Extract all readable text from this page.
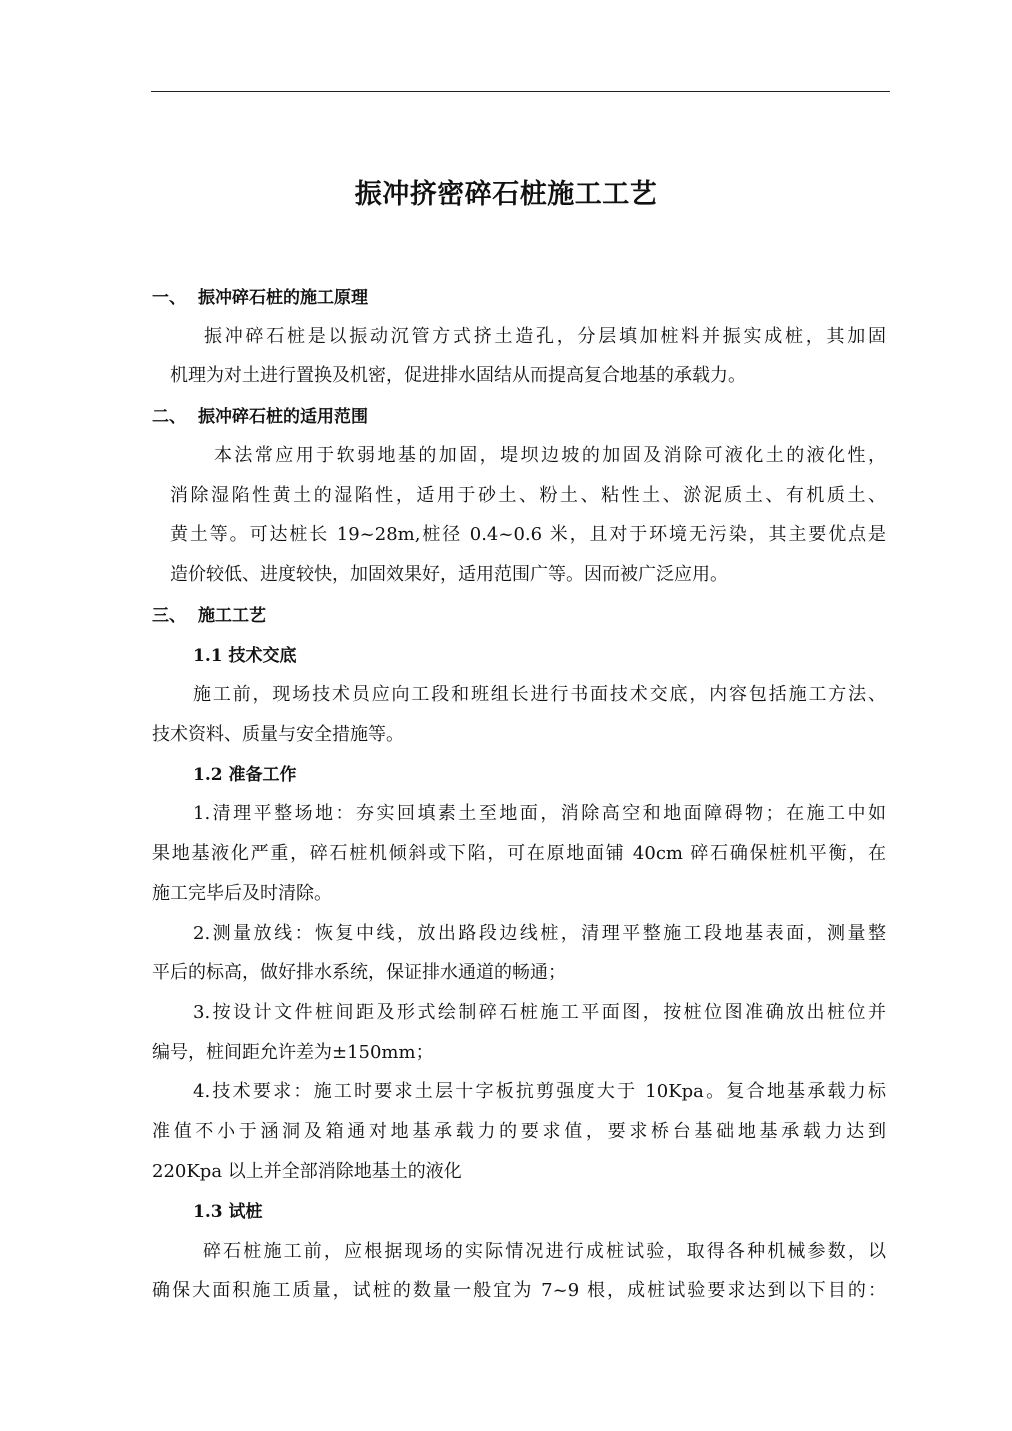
振冲挤密碎石桩施工工艺
一、 振冲碎石桩的施工原理
振冲碎石桩是以振动沉管方式挤土造孔，分层填加桩料并振实成桩，其加固
机理为对土进行置换及机密，促进排水固结从而提高复合地基的承载力。
二、 振冲碎石桩的适用范围
本法常应用于软弱地基的加固，堤坝边坡的加固及消除可液化土的液化性，
消除湿陷性黄土的湿陷性，适用于砂土、粉土、粘性土、淤泥质土、有机质土、
黄土等。可达桩长 19~28m,桩径 0.4~0.6 米，且对于环境无污染，其主要优点是
造价较低、进度较快，加固效果好，适用范围广等。因而被广泛应用。
三、 施工工艺
1.1 技术交底
施工前，现场技术员应向工段和班组长进行书面技术交底，内容包括施工方法、
技术资料、质量与安全措施等。
1.2 准备工作
1.清理平整场地：夯实回填素土至地面，消除高空和地面障碍物；在施工中如
果地基液化严重，碎石桩机倾斜或下陷，可在原地面铺 40cm 碎石确保桩机平衡，在
施工完毕后及时清除。
2.测量放线：恢复中线，放出路段边线桩，清理平整施工段地基表面，测量整
平后的标高，做好排水系统，保证排水通道的畅通；
3.按设计文件桩间距及形式绘制碎石桩施工平面图，按桩位图准确放出桩位并
编号，桩间距允许差为±150mm；
4.技术要求：施工时要求土层十字板抗剪强度大于 10Kpa。复合地基承载力标
准值不小于涵洞及箱通对地基承载力的要求值，要求桥台基础地基承载力达到
220Kpa 以上并全部消除地基土的液化
1.3 试桩
碎石桩施工前，应根据现场的实际情况进行成桩试验，取得各种机械参数，以
确保大面积施工质量，试桩的数量一般宜为 7~9 根，成桩试验要求达到以下目的：
